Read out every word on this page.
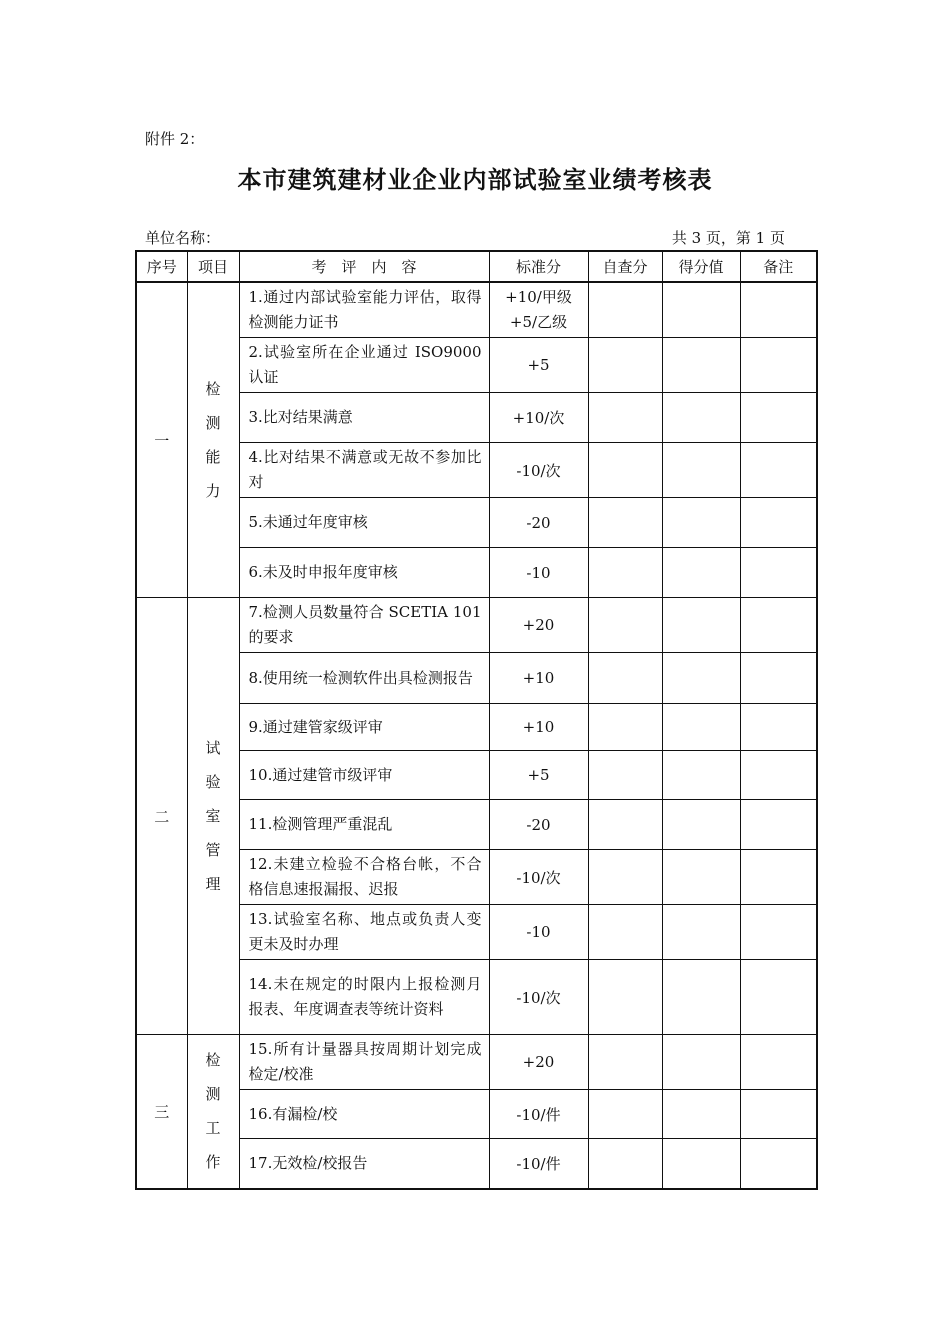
附件 2：
本市建筑建材业企业内部试验室业绩考核表
单位名称：	共 3 页，第 1 页
序号	项目	考　评　内　容	标准分	自查分	得分值	备注
一	检测能力	1.通过内部试验室能力评估，取得检测能力证书	+10/甲级
+5/乙级			
		2.试验室所在企业通过 ISO9000认证	+5			
		3.比对结果满意	+10/次			
		4.比对结果不满意或无故不参加比对	-10/次			
		5.未通过年度审核	-20			
		6.未及时申报年度审核	-10			
二	试验室管理	7.检测人员数量符合 SCETIA 101的要求	+20			
		8.使用统一检测软件出具检测报告	+10			
		9.通过建管家级评审	+10			
		10.通过建管市级评审	+5			
		11.检测管理严重混乱	-20			
		12.未建立检验不合格台帐，不合格信息速报漏报、迟报	-10/次			
		13.试验室名称、地点或负责人变更未及时办理	-10			
		14.未在规定的时限内上报检测月报表、年度调查表等统计资料	-10/次			
三	检测工作	15.所有计量器具按周期计划完成检定/校准	+20			
		16.有漏检/校	-10/件			
		17.无效检/校报告	-10/件			
